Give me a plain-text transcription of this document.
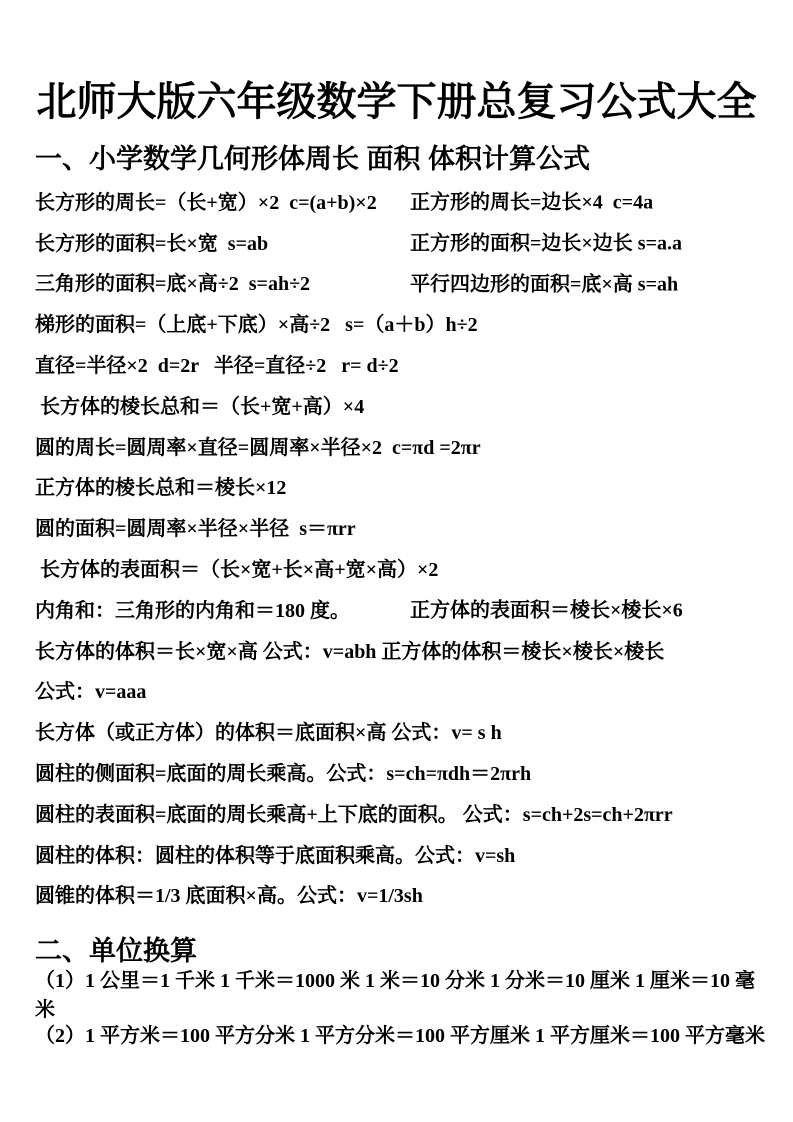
北师大版六年级数学下册总复习公式大全
一、小学数学几何形体周长 面积 体积计算公式
长方形的周长=（长+宽）×2  c=(a+b)×2 正方形的周长=边长×4  c=4a
长方形的面积=长×宽  s=ab	正方形的面积=边长×边长 s=a.a
三角形的面积=底×高÷2  s=ah÷2	平行四边形的面积=底×高 s=ah
梯形的面积=（上底+下底）×高÷2   s=（a＋b）h÷2
直径=半径×2  d=2r   半径=直径÷2   r= d÷2
长方体的棱长总和＝（长+宽+高）×4
圆的周长=圆周率×直径=圆周率×半径×2  c=πd =2πr
正方体的棱长总和＝棱长×12
圆的面积=圆周率×半径×半径  s＝πrr
长方体的表面积＝（长×宽+长×高+宽×高）×2
内角和：三角形的内角和＝180 度。	正方体的表面积＝棱长×棱长×6
长方体的体积＝长×宽×高 公式：v=abh 正方体的体积＝棱长×棱长×棱长
公式：v=aaa
长方体（或正方体）的体积＝底面积×高 公式：v= s h
圆柱的侧面积=底面的周长乘高。公式：s=ch=πdh＝2πrh
圆柱的表面积=底面的周长乘高+上下底的面积。 公式：s=ch+2s=ch+2πrr
圆柱的体积：圆柱的体积等于底面积乘高。公式：v=sh
圆锥的体积＝1/3 底面积×高。公式：v=1/3sh
二、单位换算
（1）1 公里＝1 千米 1 千米＝1000 米 1 米＝10 分米 1 分米＝10 厘米 1 厘米＝10 毫米
（2）1 平方米＝100 平方分米 1 平方分米＝100 平方厘米 1 平方厘米＝100 平方毫米
